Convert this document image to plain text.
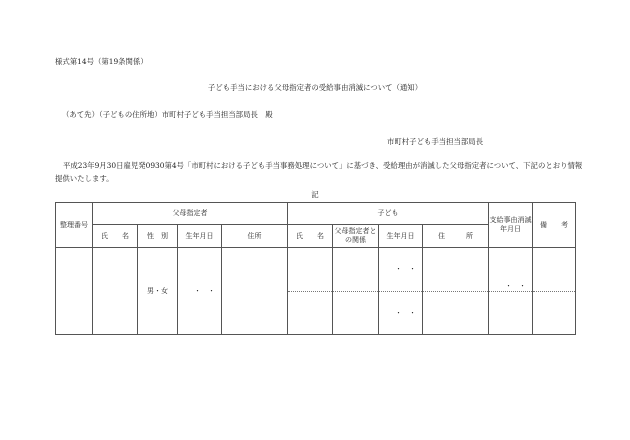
様式第14号（第19条関係）
子ども手当における父母指定者の受給事由消滅について（通知）
（あて先）（子どもの住所地）市町村子ども手当担当部局長　殿
市町村子ども手当担当部局長
平成23年9月30日雇児発0930第4号「市町村における子ども手当事務処理について」に基づき、受給理由が消滅した父母指定者について、下記のとおり情報提供いたします。
記
整理番号	父母指定者				子ども				支給事由消滅年月日	備　　考
	氏　　名	性　別	生年月日	住所	氏　　名	父母指定者との関係	生年月日	住　　　所		
		男・女	・　・				・　・		・　・	
							・　・			
